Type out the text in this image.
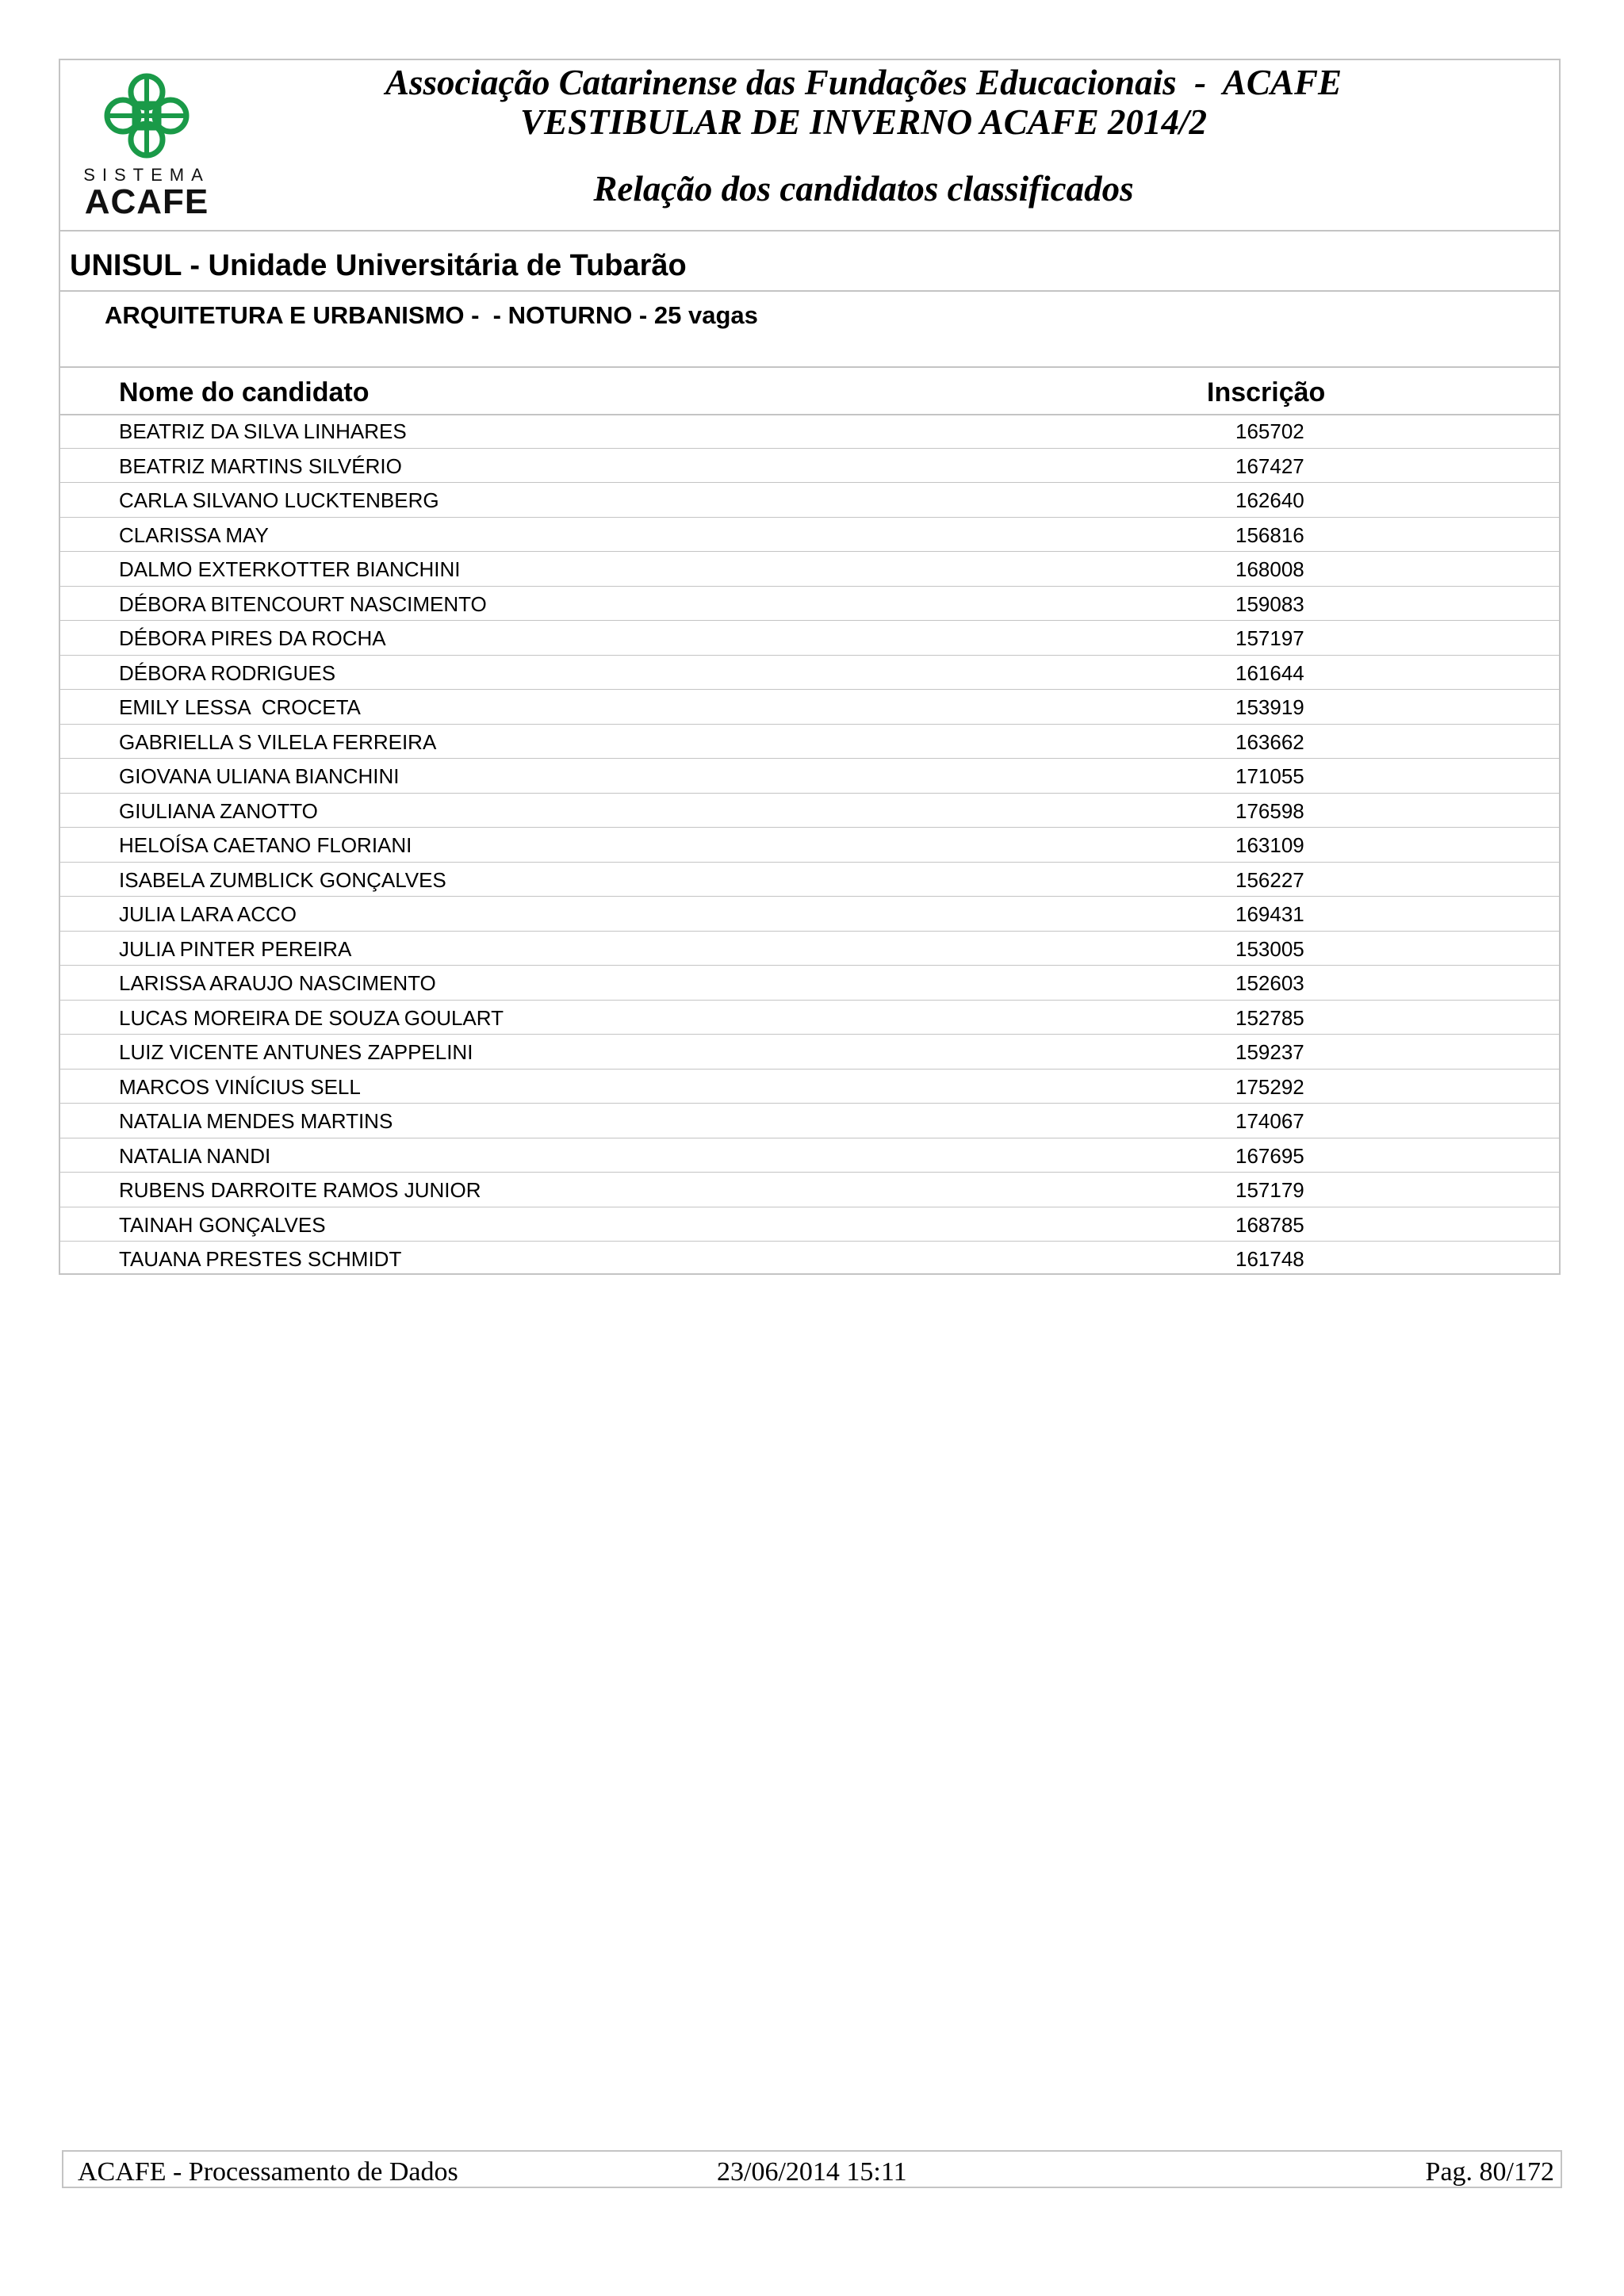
SISTEMA
ACAFE
Associação Catarinense das Fundações Educacionais  -  ACAFE
VESTIBULAR DE INVERNO ACAFE 2014/2
Relação dos candidatos classificados
UNISUL - Unidade Universitária de Tubarão
ARQUITETURA E URBANISMO -  - NOTURNO - 25 vagas
Nome do candidato	Inscrição
BEATRIZ DA SILVA LINHARES	165702
BEATRIZ MARTINS SILVÉRIO	167427
CARLA SILVANO LUCKTENBERG	162640
CLARISSA MAY	156816
DALMO EXTERKOTTER BIANCHINI	168008
DÉBORA BITENCOURT NASCIMENTO	159083
DÉBORA PIRES DA ROCHA	157197
DÉBORA RODRIGUES	161644
EMILY LESSA  CROCETA	153919
GABRIELLA S VILELA FERREIRA	163662
GIOVANA ULIANA BIANCHINI	171055
GIULIANA ZANOTTO	176598
HELOÍSA CAETANO FLORIANI	163109
ISABELA ZUMBLICK GONÇALVES	156227
JULIA LARA ACCO	169431
JULIA PINTER PEREIRA	153005
LARISSA ARAUJO NASCIMENTO	152603
LUCAS MOREIRA DE SOUZA GOULART	152785
LUIZ VICENTE ANTUNES ZAPPELINI	159237
MARCOS VINÍCIUS SELL	175292
NATALIA MENDES MARTINS	174067
NATALIA NANDI	167695
RUBENS DARROITE RAMOS JUNIOR	157179
TAINAH GONÇALVES	168785
TAUANA PRESTES SCHMIDT	161748
ACAFE - Processamento de Dados	23/06/2014 15:11	Pag. 80/172
